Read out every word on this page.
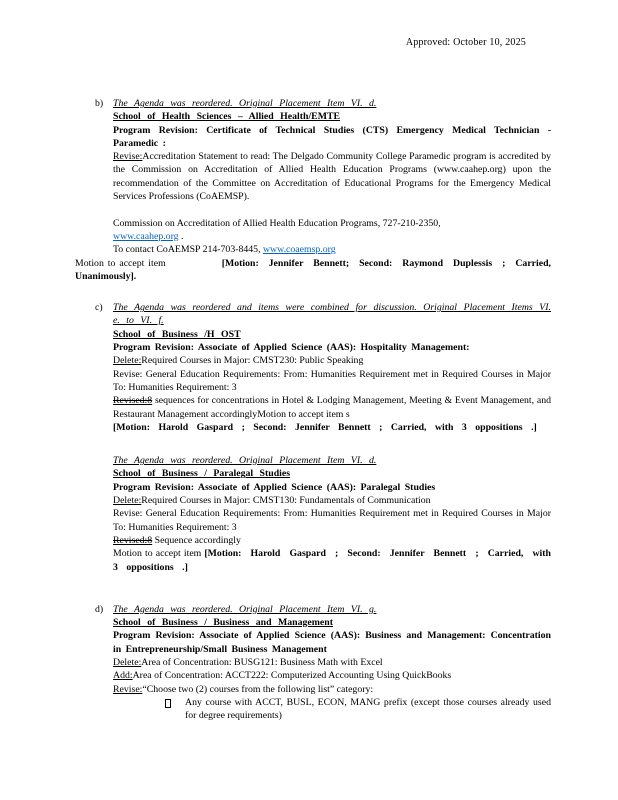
Approved: October 10, 2025
b)	The Agenda was reordered. Original Placement Item VI. d.

School of Health Sciences – Allied Health/EMTE

Program Revision: Certificate of Technical Studies (CTS) Emergency Medical Technician - Paramedic :

Revise:Accreditation Statement to read: The Delgado Community College Paramedic program is accredited by the Commission on Accreditation of Allied Health Education Programs (www.caahep.org) upon the recommendation of the Committee on Accreditation of Educational Programs for the Emergency Medical Services Professions (CoAEMSP).

Commission on Accreditation of Allied Health Education Programs, 727-210-2350,

www.caahep.org .

To contact CoAEMSP 214-703-8445, www.coaemsp.org

Motion to accept item	[Motion: Jennifer Bennett; Second: Raymond Duplessis ; Carried, Unanimously].

c)	The Agenda was reordered and items were combined for discussion. Original Placement Items VI. e. to VI. f.

School of Business /H OST

Program Revision: Associate of Applied Science (AAS): Hospitality Management:

Delete:Required Courses in Major: CMST230: Public Speaking

Revise: General Education Requirements: From: Humanities Requirement met in Required Courses in Major To: Humanities Requirement: 3

Revised:8 sequences for concentrations in Hotel & Lodging Management, Meeting & Event Management, and Restaurant Management accordinglyMotion to accept item s

[Motion: Harold Gaspard ; Second: Jennifer Bennett ; Carried, with 3 oppositions .]

The Agenda was reordered. Original Placement Item VI. d.

School of Business / Paralegal Studies

Program Revision: Associate of Applied Science (AAS): Paralegal Studies

Delete:Required Courses in Major: CMST130: Fundamentals of Communication

Revise: General Education Requirements: From: Humanities Requirement met in Required Courses in Major To: Humanities Requirement: 3

Revised:8 Sequence accordingly

Motion to accept item [Motion: Harold Gaspard ; Second: Jennifer Bennett ; Carried, with 3 oppositions .]

d)	The Agenda was reordered. Original Placement Item VI. g.

School of Business / Business and Management

Program Revision: Associate of Applied Science (AAS): Business and Management: Concentration in Entrepreneurship/Small Business Management

Delete:Area of Concentration: BUSG121: Business Math with Excel

Add:Area of Concentration: ACCT222: Computerized Accounting Using QuickBooks

Revise:“Choose two (2) courses from the following list” category:

Any course with ACCT, BUSL, ECON, MANG prefix (except those courses already used for degree requirements)
